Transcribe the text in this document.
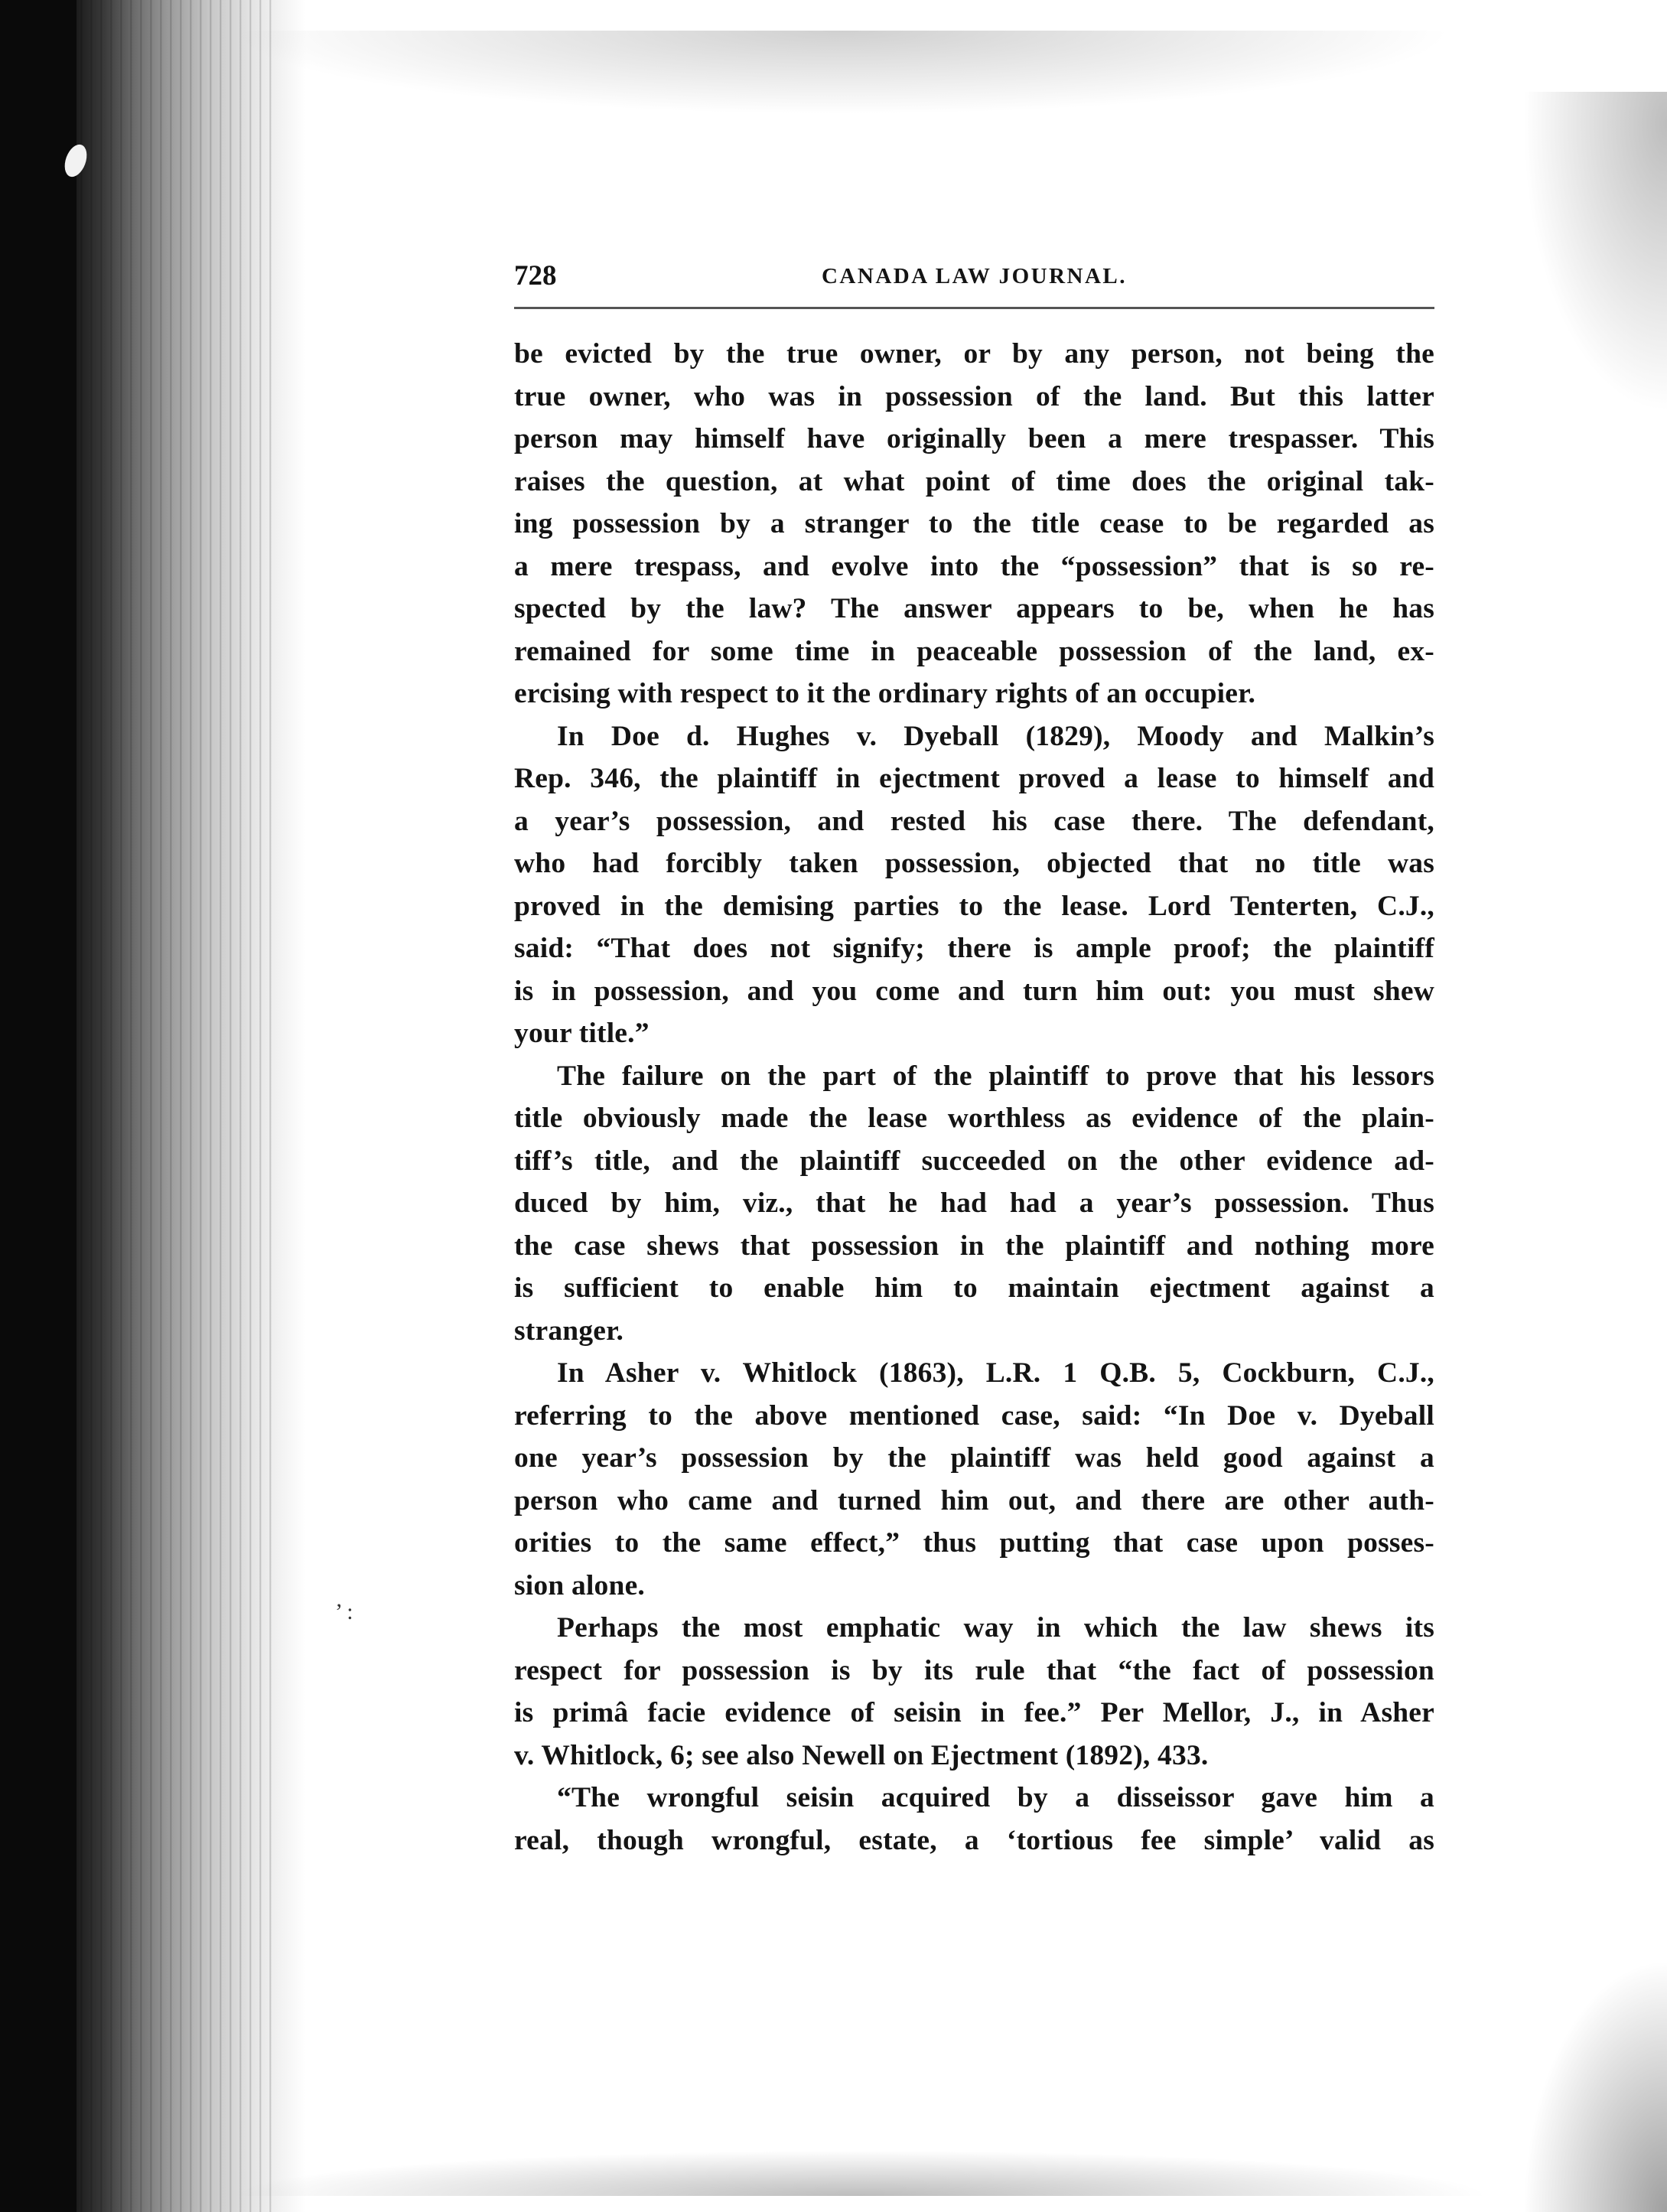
’ :
728	CANADA LAW JOURNAL.

be evicted by the true owner, or by any person, not being the
true owner, who was in possession of the land. But this latter
person may himself have originally been a mere trespasser. This
raises the question, at what point of time does the original tak-
ing possession by a stranger to the title cease to be regarded as
a mere trespass, and evolve into the “possession” that is so re-
spected by the law? The answer appears to be, when he has
remained for some time in peaceable possession of the land, ex-
ercising with respect to it the ordinary rights of an occupier.

In Doe d. Hughes v. Dyeball (1829), Moody and Malkin’s
Rep. 346, the plaintiff in ejectment proved a lease to himself and
a year’s possession, and rested his case there. The defendant,
who had forcibly taken possession, objected that no title was
proved in the demising parties to the lease. Lord Tenterten, C.J.,
said: “That does not signify; there is ample proof; the plaintiff
is in possession, and you come and turn him out: you must shew
your title.”

The failure on the part of the plaintiff to prove that his lessors
title obviously made the lease worthless as evidence of the plain-
tiff’s title, and the plaintiff succeeded on the other evidence ad-
duced by him, viz., that he had had a year’s possession. Thus
the case shews that possession in the plaintiff and nothing more
is sufficient to enable him to maintain ejectment against a
stranger.

In Asher v. Whitlock (1863), L.R. 1 Q.B. 5, Cockburn, C.J.,
referring to the above mentioned case, said: “In Doe v. Dyeball
one year’s possession by the plaintiff was held good against a
person who came and turned him out, and there are other auth-
orities to the same effect,” thus putting that case upon posses-
sion alone.

Perhaps the most emphatic way in which the law shews its
respect for possession is by its rule that “the fact of possession
is primâ facie evidence of seisin in fee.” Per Mellor, J., in Asher
v. Whitlock, 6; see also Newell on Ejectment (1892), 433.

“The wrongful seisin acquired by a disseissor gave him a
real, though wrongful, estate, a ‘tortious fee simple’ valid as
